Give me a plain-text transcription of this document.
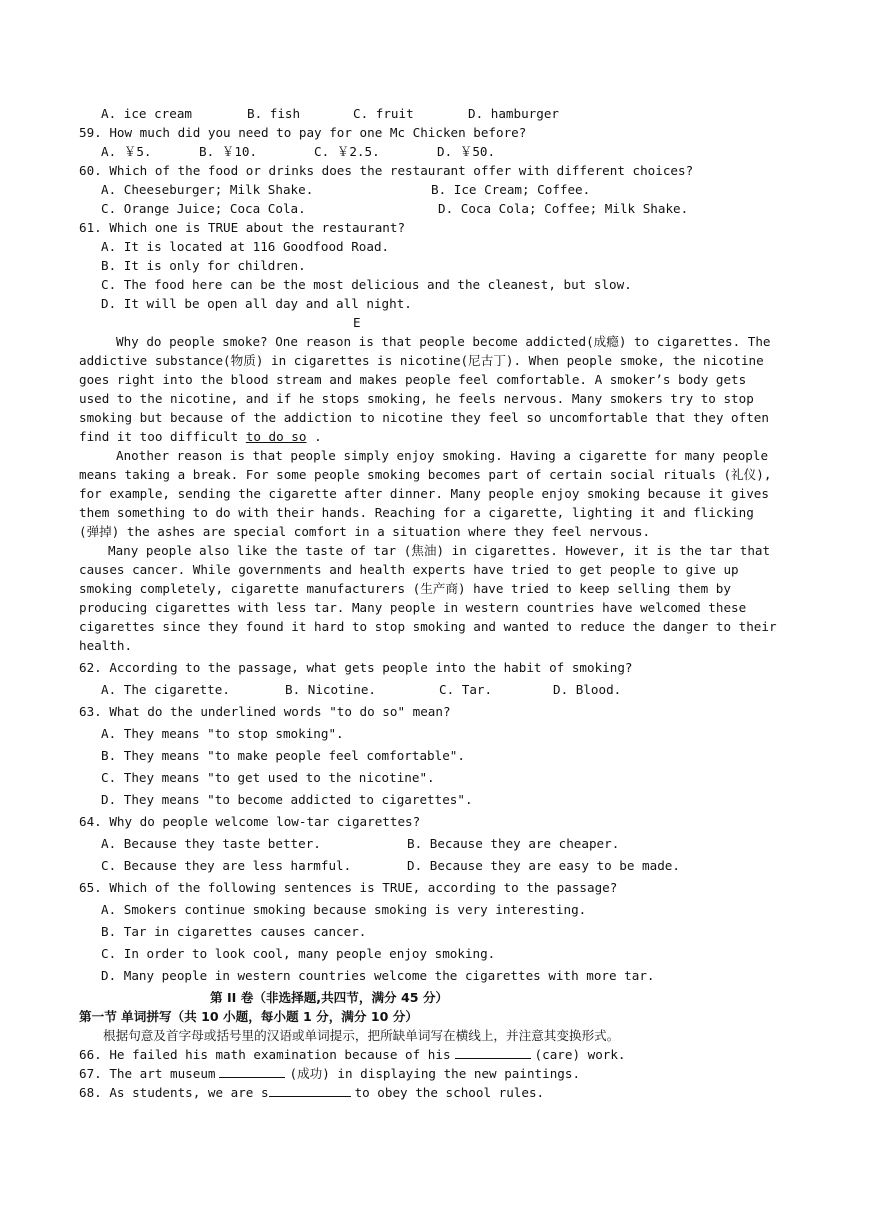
A. ice cream	B. fish	C. fruit	D. hamburger
59. How much did you need to pay for one Mc Chicken before?
A. ￥5.	B. ￥10.	C. ￥2.5.	D. ￥50.
60. Which of the food or drinks does the restaurant offer with different choices?
A. Cheeseburger; Milk Shake.	B. Ice Cream; Coffee.
C. Orange Juice; Coca Cola.	D. Coca Cola; Coffee; Milk Shake.
61. Which one is TRUE about the restaurant?
A. It is located at 116 Goodfood Road.
B. It is only for children.
C. The food here can be the most delicious and the cleanest, but slow.
D. It will be open all day and all night.
E
Why do people smoke? One reason is that people become addicted(成瘾) to cigarettes. The
addictive substance(物质) in cigarettes is nicotine(尼古丁). When people smoke, the nicotine
goes right into the blood stream and makes people feel comfortable. A smoker’s body gets
used to the nicotine, and if he stops smoking, he feels nervous. Many smokers try to stop
smoking but because of the addiction to nicotine they feel so uncomfortable that they often
find it too difficult to do so .
Another reason is that people simply enjoy smoking. Having a cigarette for many people
means taking a break. For some people smoking becomes part of certain social rituals (礼仪),
for example, sending the cigarette after dinner. Many people enjoy smoking because it gives
them something to do with their hands. Reaching for a cigarette, lighting it and flicking
(弹掉) the ashes are special comfort in a situation where they feel nervous.
Many people also like the taste of tar (焦油) in cigarettes. However, it is the tar that
causes cancer. While governments and health experts have tried to get people to give up
smoking completely, cigarette manufacturers (生产商) have tried to keep selling them by
producing cigarettes with less tar. Many people in western countries have welcomed these
cigarettes since they found it hard to stop smoking and wanted to reduce the danger to their
health.
62. According to the passage, what gets people into the habit of smoking?
A. The cigarette.	B. Nicotine.	C. Tar.	D. Blood.
63. What do the underlined words "to do so" mean?
A. They means "to stop smoking".
B. They means "to make people feel comfortable".
C. They means "to get used to the nicotine".
D. They means "to become addicted to cigarettes".
64. Why do people welcome low-tar cigarettes?
A. Because they taste better.	B. Because they are cheaper.
C. Because they are less harmful.	D. Because they are easy to be made.
65. Which of the following sentences is TRUE, according to the passage?
A. Smokers continue smoking because smoking is very interesting.
B. Tar in cigarettes causes cancer.
C. In order to look cool, many people enjoy smoking.
D. Many people in western countries welcome the cigarettes with more tar.
第 II 卷（非选择题,共四节，满分 45 分）
第一节 单词拼写（共 10 小题，每小题 1 分，满分 10 分）
根据句意及首字母或括号里的汉语或单词提示，把所缺单词写在横线上，并注意其变换形式。
66. He failed his math examination because of his	(care) work.
67. The art museum	(成功) in displaying the new paintings.
68. As students, we are s	to obey the school rules.
